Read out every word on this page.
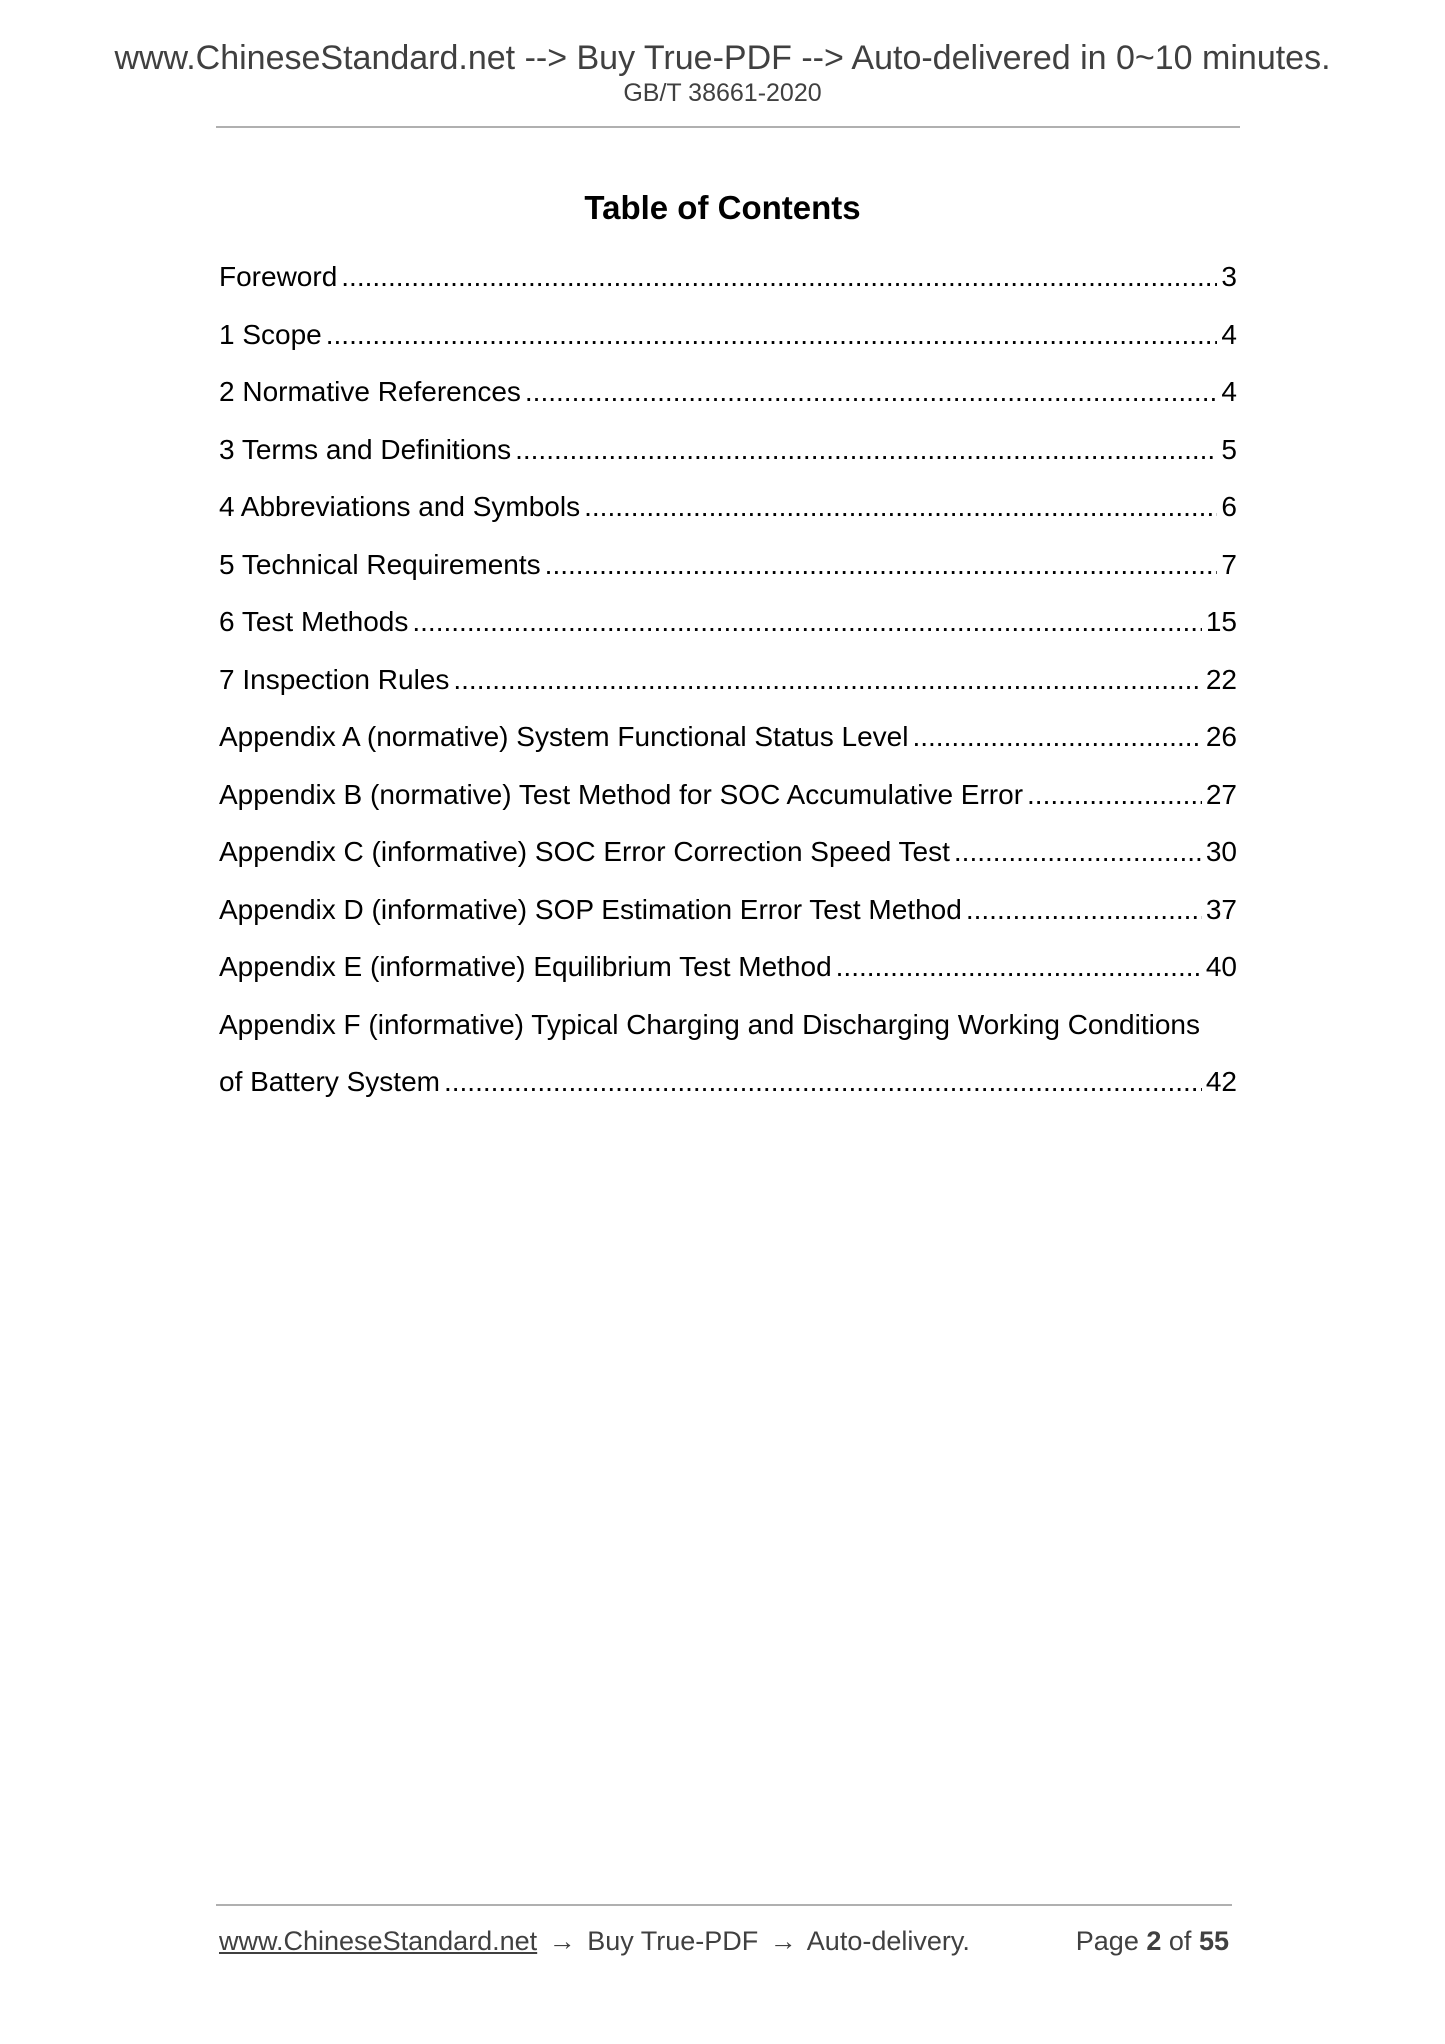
www.ChineseStandard.net --> Buy True-PDF --> Auto-delivered in 0~10 minutes.
GB/T 38661-2020
Table of Contents
Foreword .....	3
1 Scope .....	4
2 Normative References .....	4
3 Terms and Definitions .....	5
4 Abbreviations and Symbols .....	6
5 Technical Requirements .....	7
6 Test Methods .....	15
7 Inspection Rules .....	22
Appendix A (normative) System Functional Status Level .....	26
Appendix B (normative) Test Method for SOC Accumulative Error .....	27
Appendix C (informative) SOC Error Correction Speed Test .....	30
Appendix D (informative) SOP Estimation Error Test Method .....	37
Appendix E (informative) Equilibrium Test Method .....	40
Appendix F (informative) Typical Charging and Discharging Working Conditions
of Battery System .....	42
www.ChineseStandard.net → Buy True-PDF → Auto-delivery.	Page 2 of 55
